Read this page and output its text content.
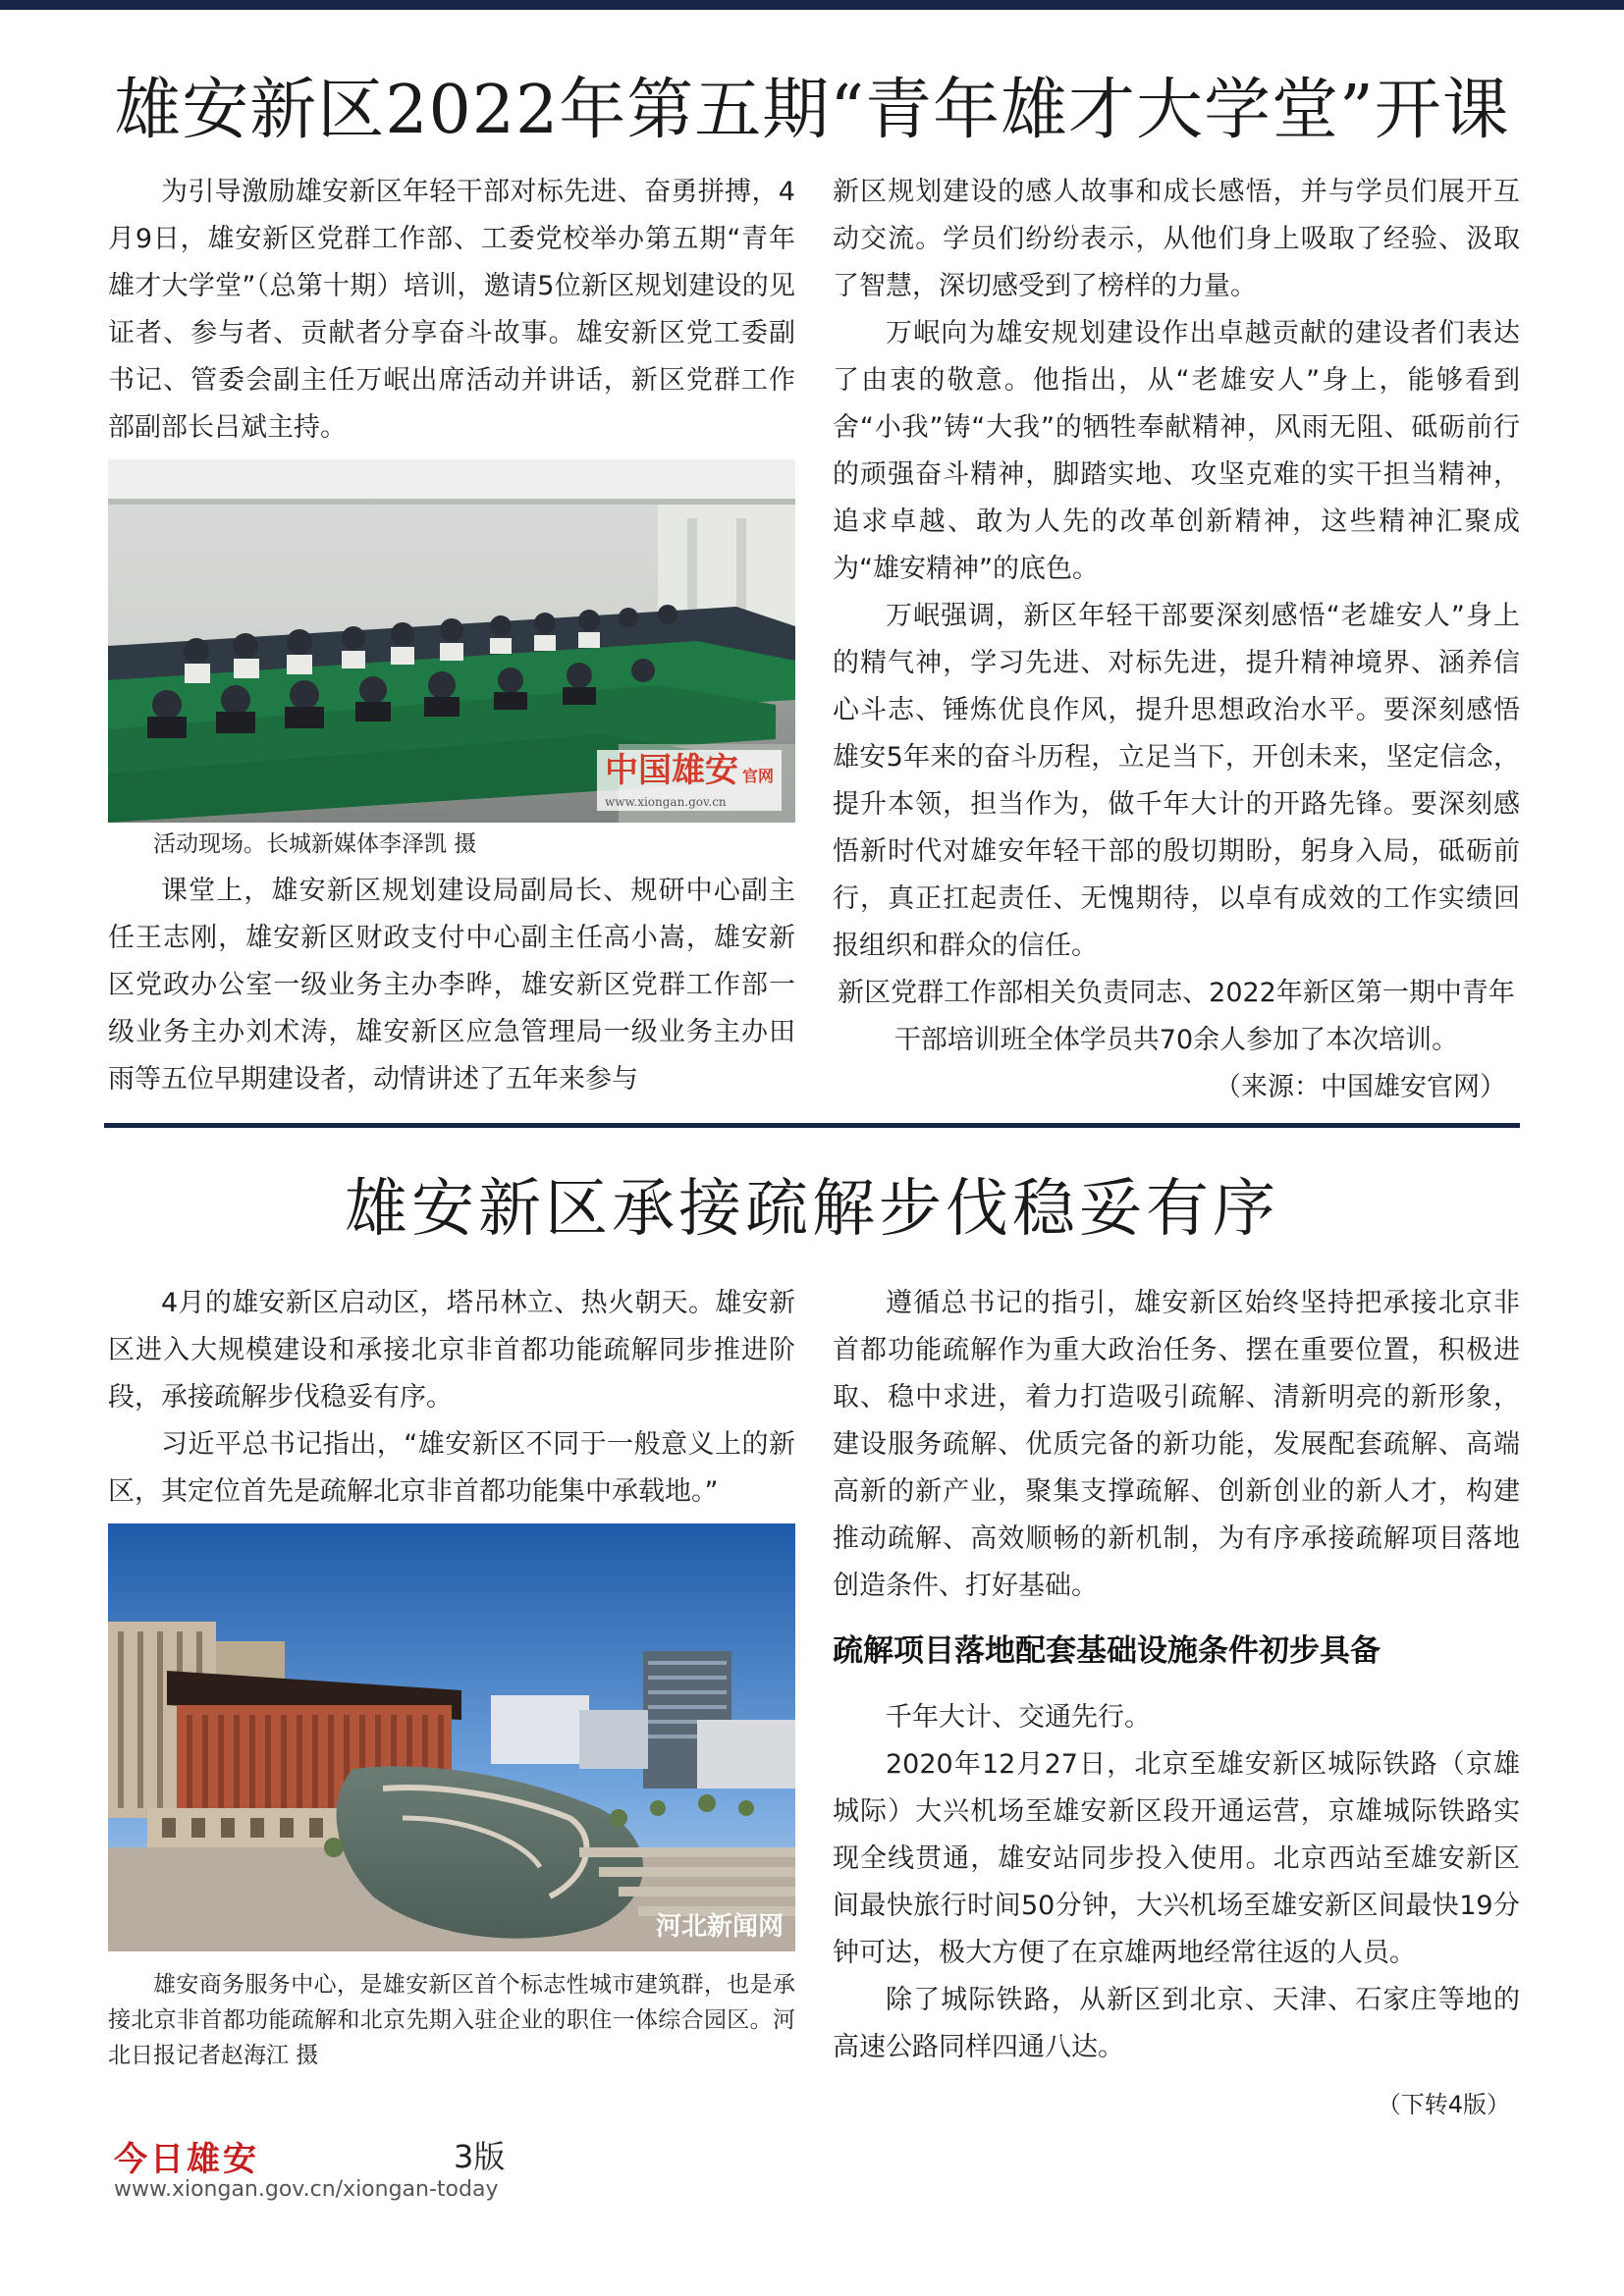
雄安新区2022年第五期“青年雄才大学堂”开课

为引导激励雄安新区年轻干部对标先进、奋勇拼搏，4月9日，雄安新区党群工作部、工委党校举办第五期“青年雄才大学堂”（总第十期）培训，邀请5位新区规划建设的见证者、参与者、贡献者分享奋斗故事。雄安新区党工委副书记、管委会副主任万岷出席活动并讲话，新区党群工作部副部长吕斌主持。

中国雄安 官网
www.xiongan.gov.cn

活动现场。长城新媒体李泽凯 摄

课堂上，雄安新区规划建设局副局长、规研中心副主任王志刚，雄安新区财政支付中心副主任高小嵩，雄安新区党政办公室一级业务主办李晔，雄安新区党群工作部一级业务主办刘术涛，雄安新区应急管理局一级业务主办田雨等五位早期建设者，动情讲述了五年来参与

新区规划建设的感人故事和成长感悟，并与学员们展开互动交流。学员们纷纷表示，从他们身上吸取了经验、汲取了智慧，深切感受到了榜样的力量。

万岷向为雄安规划建设作出卓越贡献的建设者们表达了由衷的敬意。他指出，从“老雄安人”身上，能够看到舍“小我”铸“大我”的牺牲奉献精神，风雨无阻、砥砺前行的顽强奋斗精神，脚踏实地、攻坚克难的实干担当精神，追求卓越、敢为人先的改革创新精神，这些精神汇聚成为“雄安精神”的底色。

万岷强调，新区年轻干部要深刻感悟“老雄安人”身上的精气神，学习先进、对标先进，提升精神境界、涵养信心斗志、锤炼优良作风，提升思想政治水平。要深刻感悟雄安5年来的奋斗历程，立足当下，开创未来，坚定信念，提升本领，担当作为，做千年大计的开路先锋。要深刻感悟新时代对雄安年轻干部的殷切期盼，躬身入局，砥砺前行，真正扛起责任、无愧期待，以卓有成效的工作实绩回报组织和群众的信任。

新区党群工作部相关负责同志、2022年新区第一期中青年干部培训班全体学员共70余人参加了本次培训。

（来源：中国雄安官网）

雄安新区承接疏解步伐稳妥有序

4月的雄安新区启动区，塔吊林立、热火朝天。雄安新区进入大规模建设和承接北京非首都功能疏解同步推进阶段，承接疏解步伐稳妥有序。

习近平总书记指出，“雄安新区不同于一般意义上的新区，其定位首先是疏解北京非首都功能集中承载地。”

河北新闻网

雄安商务服务中心，是雄安新区首个标志性城市建筑群，也是承接北京非首都功能疏解和北京先期入驻企业的职住一体综合园区。河北日报记者赵海江 摄

遵循总书记的指引，雄安新区始终坚持把承接北京非首都功能疏解作为重大政治任务、摆在重要位置，积极进取、稳中求进，着力打造吸引疏解、清新明亮的新形象，建设服务疏解、优质完备的新功能，发展配套疏解、高端高新的新产业，聚集支撑疏解、创新创业的新人才，构建推动疏解、高效顺畅的新机制，为有序承接疏解项目落地创造条件、打好基础。

疏解项目落地配套基础设施条件初步具备

千年大计、交通先行。

2020年12月27日，北京至雄安新区城际铁路（京雄城际）大兴机场至雄安新区段开通运营，京雄城际铁路实现全线贯通，雄安站同步投入使用。北京西站至雄安新区间最快旅行时间50分钟，大兴机场至雄安新区间最快19分钟可达，极大方便了在京雄两地经常往返的人员。

除了城际铁路，从新区到北京、天津、石家庄等地的高速公路同样四通八达。

（下转4版）

今日雄安	3版
www.xiongan.gov.cn/xiongan-today
